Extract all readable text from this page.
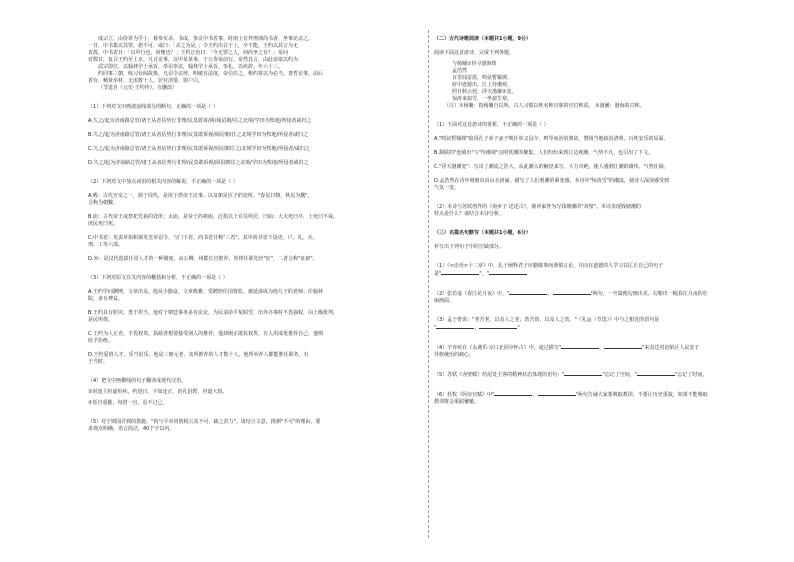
成宗立，由侍讲为学士，暮参实录。书成，参议中书省事。时南士有拜刑部尚书者，坐事论杀之。

一日，中书集议其罪，恕不可，咸曰：「杀之为是。」令王约出召于上，卒不能，王约以其言为无

直故，中书省日：「以甲行也，何愧也？」王约正色曰：「今无罪之人，何尚争之有？」帝问

对数日，复召王约至上京。凡讨论事，以甲某某事，于公奏帝前行，帝然其言，由此帝欲以约为

武宗即位，以翰林学士承旨，奉诏奉议，翰林学士承旨，奉礼，以疾辞。年六十三。

约同事三朝，练习台阁故典，凡诏令议律，明敏有法度，帝信任之，称约常以为必当。善哲论事，前后

省台，畅贤举材，无虑数十人。居官清要，窗户白。

（节选自《元史·王约传》，有删改）

（1）下列对文中画波浪线部分的断句，正确的一项是（ ）

A.久之/起为济南路总管/诸王从者估势行非理/民莫敢诉/视/阅诏朝/往之北境/学田为牧地/所侵者咸归之

B.久之/起为济南路总管/诸王从者估势行非理/民莫敢诉视/阅诏朝/往之北境学田为牧地/所侵者咸归之

C.久之/起为济南路总管/诸王从者估势行非理/民莫敢诉视/阅诏朝往之/北境学田为牧地/所侵者/咸归之

D.久之/起为济南路总管/诸王从者估势行非理/民莫敢诉视/阅诏朝往之北境/学田为牧地/所侵者咸归之

（2）下列对文中加点词语的相关内容的解说，不正确的一项是（ ）

A.殿：古代宫室之一，源于周代，是用于供帝王议事、以及朝见臣子的处所，"春见曰朝，秋见为觐"，

合称为朝觐。

B.庙：古代帝王或祭祀先祖的处所；太庙，是帝王的祖庙，泛指以上官员所居，曰庙；大夫死曰卒，士死曰不禄，

庶民死曰死。

C.中书省：负责草拟和颁发皇帝诏令，与门下省、尚书省并称"三省"。其中尚书省下设吏、户、礼、兵、

刑、工等六部。

D.举：是汉代选拔任用人才的一种制度，由公卿、州郡长官推荐，皆俸任职先经"征"，二者合称"征辟"。

（3）下列对原文有关内容的概括和分析，不正确的一项是（ ）

A.王约学问渊博，文章出众。他从小勤奋，文章典雅；受聘担任国督监，被延请成为他儿子的老师；任翰林

院，多有裨益。

B.王约具有胆识，勇于担当。他对于朝廷事务多有议论，为民请命平冤昭雪，出外办事时不畏强权，由上级批判，

是民所倚。

C.王约为人正直，不畏权贵。执政者想要接受别人的推荐，他却刚正敢抗权贵，有人用成优推荐自己，他则

给予拒绝。

D.王约爱惜人才，乐当伯乐。他是三朝元老，其所推荐的人才数十人，他所举荐人都能胜任职务，有

于当时。

（4）把文中画横线的句子翻译成现代汉语。

①时逍主恒虚恒疾，约进曰，不如还正，治礼伯陛，世道大惧。

②惩官重勤，每惜一官，忍不过己。

（5）对于则国并到的措施，"构与平章同情相言其不可，疏之甚力"。请结合文意，推测"不可"的理由。要

求观点明确，语言简洁，40个字以内。

（二）古代诗歌阅读（本题共1小题，9分）

阅读下面这首唐诗，完成下列各题。

与杨墉①侍寻渤海情

孟浩然

百里闻雷震，鸣弦暂辍弹。

府中连骑出，江上待潮观。

照日秋云迥，浮天渤澥②宽。

惊涛来似雪，一坐凛生寒。

（注）①杨墉：指杨墉自以所。古人习惯以姓名称官职的官位称说。 ②渤澥：渤海的古称。

（1）下面对这首唐诗的赏析，不正确的一项是（ ）

A."鸣弦暂辍弹"暗用孔子弟子宓子贱任单父县令，鸣琴而治的典故，赞扬当地政治清明，百姓安乐的局面。

B.颔联的"连骑出"与"待潮观"点明赏潮的聚集，人们纷纷来到江边观潮，气势不凡，也引出了下文。

C."浮天渤澥宽"：写出了潮流之浩大，从此潮入的触觉来写，大力奇绝，使人感到江潮的雄伟，气势壮阔。

D.孟浩然在诗中刻画出由山水涛涌，描写了人们观潮的紧张感，本诗中"惊涛雪"的潮流，使诗人深深感受到

气氛一变。

（2）本诗与苏轼创作的《南乡子·送述古》，被评家誉为写钱塘潮的"双璧"。本诗表现钱塘潮的

特点是什么？请结合本诗分析。

（三）名篇名句默写（本题共1小题，6分）

补写出下列句子中的空缺部分。

（1）《<论语>十二章》中，孔子阐释君子应勤敬事而谨慎言论，并向有道德的人学习以匡正自己的句子

是"	"，"

（2）张若虚《春江花月夜》中，"	，	"两句，一开篇便勾画出美、勾勒出一幅春江月夜的壮

丽画面。

（3）孟子曾说："老吾老，以及人之老；幼吾幼，以及人之幼。"《礼运（节选）》中与之相近的语句是

"	，	"

（4）辛弃疾在《永遇乐·京口北固亭怀古》中，通过描写"	，	"来表达对沦陷区人民安于

异族统治的痛心。

（5）苏轼《赤壁赋》结尾处主客的精神状态体现的语句："	"忘记了空间，"	"忘记了时间。

（6）杜牧《阿房宫赋》中"	，	"两句告诫大家要吸取教训，不要让历史重演，如果不能吸取

教训将会重蹈覆辙。
